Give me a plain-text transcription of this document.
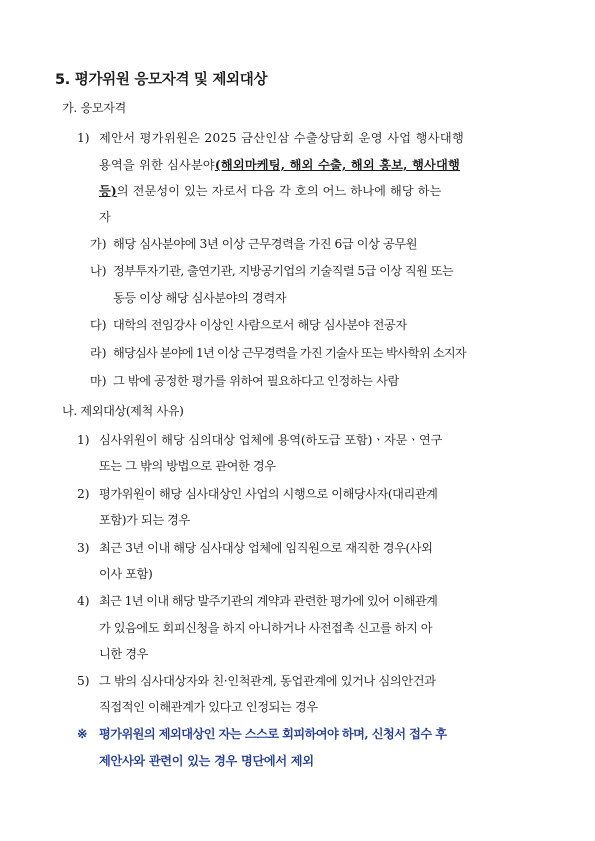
5. 평가위원 응모자격 및 제외대상
가. 응모자격
1) 제안서 평가위원은 2025 금산인삼 수출상담회 운영 사업 행사대행
용역을 위한 심사분야(해외마케팅, 해외 수출, 해외 홍보, 행사대행
등)의 전문성이 있는 자로서 다음 각 호의 어느 하나에 해당 하는
자
가) 해당 심사분야에 3년 이상 근무경력을 가진 6급 이상 공무원
나) 정부투자기관, 출연기관, 지방공기업의 기술직렬 5급 이상 직원 또는
동등 이상 해당 심사분야의 경력자
다) 대학의 전임강사 이상인 사람으로서 해당 심사분야 전공자
라) 해당심사 분야에 1년 이상 근무경력을 가진 기술사 또는 박사학위 소지자
마) 그 밖에 공정한 평가를 위하여 필요하다고 인정하는 사람
나. 제외대상(제척 사유)
1) 심사위원이 해당 심의대상 업체에 용역(하도급 포함)ㆍ자문ㆍ연구
또는 그 밖의 방법으로 관여한 경우
2) 평가위원이 해당 심사대상인 사업의 시행으로 이해당사자(대리관계
포함)가 되는 경우
3) 최근 3년 이내 해당 심사대상 업체에 임직원으로 재직한 경우(사외
이사 포함)
4) 최근 1년 이내 해당 발주기관의 계약과 관련한 평가에 있어 이해관계
가 있음에도 회피신청을 하지 아니하거나 사전접촉 신고를 하지 아
니한 경우
5) 그 밖의 심사대상자와 친·인척관계, 동업관계에 있거나 심의안건과
직접적인 이해관계가 있다고 인정되는 경우
※ 평가위원의 제외대상인 자는 스스로 회피하여야 하며, 신청서 접수 후
제안사와 관련이 있는 경우 명단에서 제외
